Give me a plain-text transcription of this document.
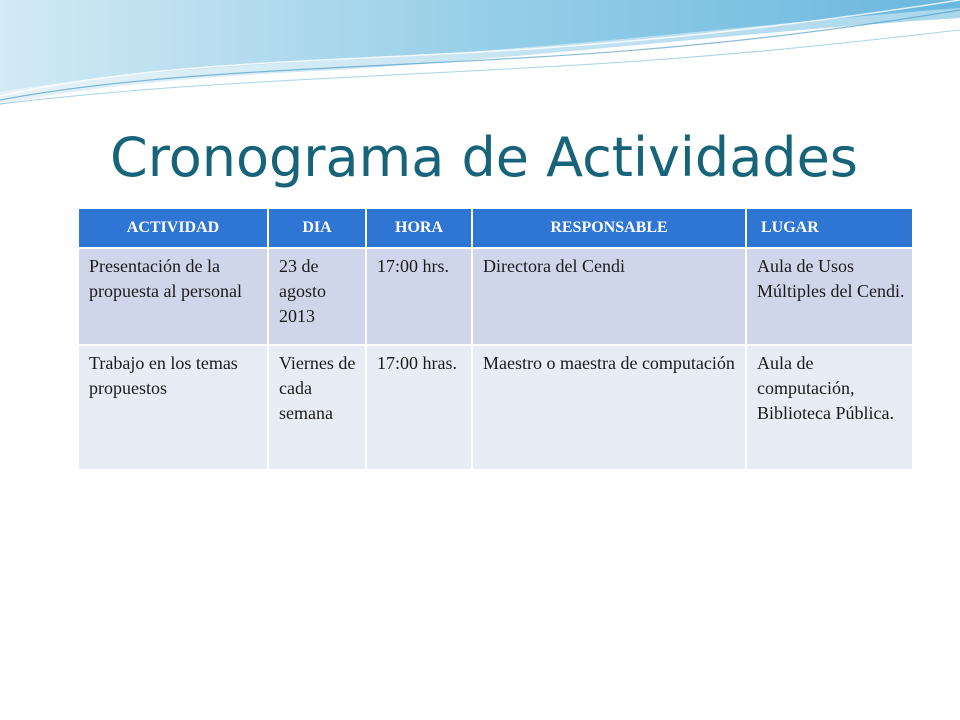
Cronograma de Actividades
ACTIVIDAD	DIA	HORA	RESPONSABLE	LUGAR
Presentación de la propuesta al personal	23 de agosto 2013	17:00 hrs.	Directora del Cendi	Aula de Usos Múltiples del Cendi.
Trabajo en los temas propuestos	Viernes de cada semana	17:00 hras.	Maestro o maestra de computación	Aula de computación, Biblioteca Pública.
